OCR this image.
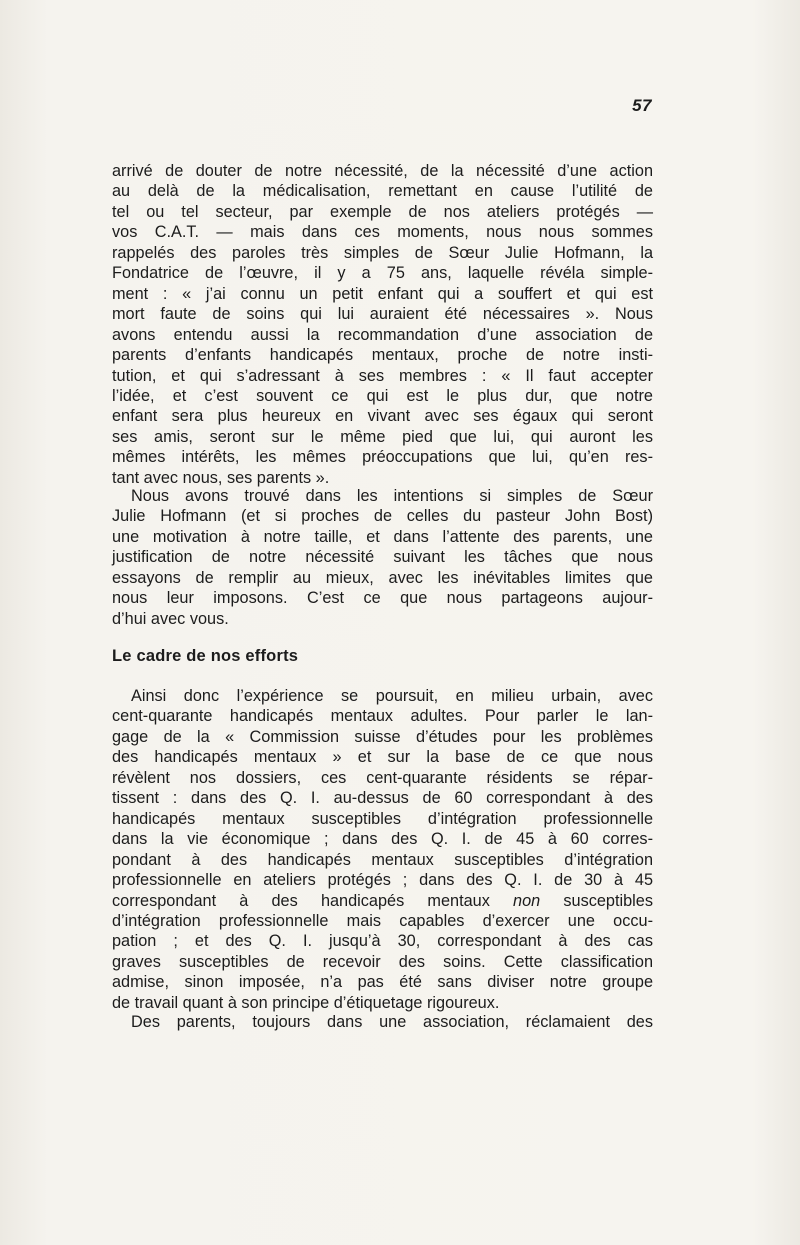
57
arrivé de douter de notre nécessité, de la nécessité d’une action
au delà de la médicalisation, remettant en cause l’utilité de
tel ou tel secteur, par exemple de nos ateliers protégés —
vos C.A.T. — mais dans ces moments, nous nous sommes
rappelés des paroles très simples de Sœur Julie Hofmann, la
Fondatrice de l’œuvre, il y a 75 ans, laquelle révéla simple-
ment : « j’ai connu un petit enfant qui a souffert et qui est
mort faute de soins qui lui auraient été nécessaires ». Nous
avons entendu aussi la recommandation d’une association de
parents d’enfants handicapés mentaux, proche de notre insti-
tution, et qui s’adressant à ses membres : « Il faut accepter
l’idée, et c’est souvent ce qui est le plus dur, que notre
enfant sera plus heureux en vivant avec ses égaux qui seront
ses amis, seront sur le même pied que lui, qui auront les
mêmes intérêts, les mêmes préoccupations que lui, qu’en res-
tant avec nous, ses parents ».
Nous avons trouvé dans les intentions si simples de Sœur
Julie Hofmann (et si proches de celles du pasteur John Bost)
une motivation à notre taille, et dans l’attente des parents, une
justification de notre nécessité suivant les tâches que nous
essayons de remplir au mieux, avec les inévitables limites que
nous leur imposons. C’est ce que nous partageons aujour-
d’hui avec vous.
Le cadre de nos efforts
Ainsi donc l’expérience se poursuit, en milieu urbain, avec
cent-quarante handicapés mentaux adultes. Pour parler le lan-
gage de la « Commission suisse d’études pour les problèmes
des handicapés mentaux » et sur la base de ce que nous
révèlent nos dossiers, ces cent-quarante résidents se répar-
tissent : dans des Q. I. au-dessus de 60 correspondant à des
handicapés mentaux susceptibles d’intégration professionnelle
dans la vie économique ; dans des Q. I. de 45 à 60 corres-
pondant à des handicapés mentaux susceptibles d’intégration
professionnelle en ateliers protégés ; dans des Q. I. de 30 à 45
correspondant à des handicapés mentaux non susceptibles
d’intégration professionnelle mais capables d’exercer une occu-
pation ; et des Q. I. jusqu’à 30, correspondant à des cas
graves susceptibles de recevoir des soins. Cette classification
admise, sinon imposée, n’a pas été sans diviser notre groupe
de travail quant à son principe d’étiquetage rigoureux.
Des parents, toujours dans une association, réclamaient des
